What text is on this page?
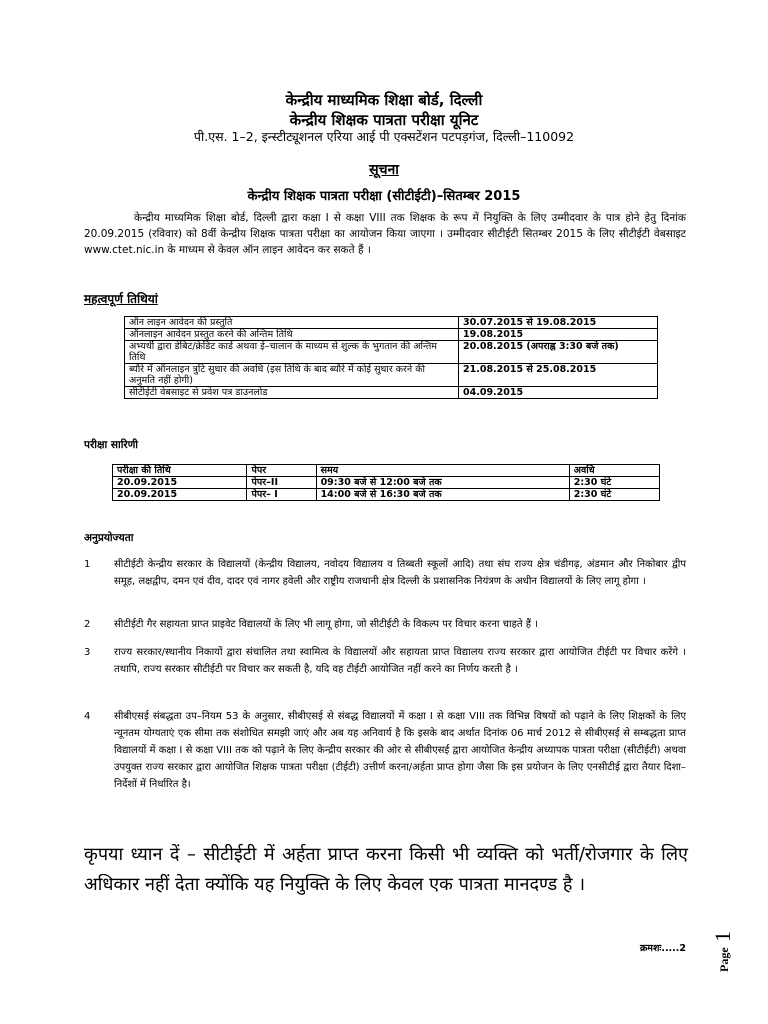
केन्द्रीय माध्यमिक शिक्षा बोर्ड, दिल्ली
केन्द्रीय शिक्षक पात्रता परीक्षा यूनिट
पी.एस. 1–2, इन्स्टीट्यूशनल एरिया आई पी एक्सटेंशन पटपड़गंज, दिल्ली–110092
सूचना
केन्द्रीय शिक्षक पात्रता परीक्षा (सीटीईटी)–सितम्बर 2015
केन्द्रीय माध्यमिक शिक्षा बोर्ड, दिल्ली द्वारा कक्षा I से कक्षा VIII तक शिक्षक के रूप में नियुक्ति के लिए उम्मीदवार के पात्र होने हेतु दिनांक 20.09.2015 (रविवार) को 8वीं केन्द्रीय शिक्षक पात्रता परीक्षा का आयोजन किया जाएगा । उम्मीदवार सीटीईटी सितम्बर 2015 के लिए सीटीईटी वेबसाइट www.ctet.nic.in के माध्यम से केवल ऑन लाइन आवेदन कर सकते हैं ।
महत्वपूर्ण तिथियां
ऑन लाइन आवेदन की प्रस्तुति	30.07.2015 से 19.08.2015
ऑनलाइन आवेदन प्रस्तुत करने की अन्तिम तिथि	19.08.2015
अभ्यर्थी द्वारा डेबिट/क्रेडिट कार्ड अथवा ई–चालान के माध्यम से शुल्क के भुगतान की अन्तिम तिथि	20.08.2015 (अपराह्न 3:30 बजे तक)
ब्यौरे में ऑनलाइन त्रुटि सुधार की अवधि (इस तिथि के बाद ब्यौरे में कोई सुधार करने की अनुमति नहीं होगी)	21.08.2015 से 25.08.2015
सीटीईटी वेबसाइट से प्रवेश पत्र डाउनलोड	04.09.2015
परीक्षा सारिणी
परीक्षा की तिथि	पेपर	समय	अवधि
20.09.2015	पेपर–II	09:30 बजे से 12:00 बजे तक	2:30 घंटे
20.09.2015	पेपर– I	14:00 बजे से 16:30 बजे तक	2:30 घंटे
अनुप्रयोज्यता
1 सीटीईटी केन्द्रीय सरकार के विद्यालयों (केन्द्रीय विद्यालय, नवोदय विद्यालय व तिब्बती स्कूलों आदि) तथा संघ राज्य क्षेत्र चंडीगढ़, अंडमान और निकोबार द्वीप समूह, लक्षद्वीप, दमन एवं दीव, दादर एवं नागर हवेली और राष्ट्रीय राजधानी क्षेत्र दिल्ली के प्रशासनिक नियंत्रण के अधीन विद्यालयों के लिए लागू होगा ।
2 सीटीईटी गैर सहायता प्राप्त प्राइवेट विद्यालयों के लिए भी लागू होगा, जो सीटीईटी के विकल्प पर विचार करना चाहते हैं ।
3 राज्य सरकार/स्थानीय निकायों द्वारा संचालित तथा स्वामित्व के विद्यालयों और सहायता प्राप्त विद्यालय राज्य सरकार द्वारा आयोजित टीईटी पर विचार करेंगे । तथापि, राज्य सरकार सीटीईटी पर विचार कर सकती है, यदि वह टीईटी आयोजित नहीं करने का निर्णय करती है ।
4 सीबीएसई संबद्धता उप–नियम 53 के अनुसार, सीबीएसई से संबद्ध विद्यालयों में कक्षा I से कक्षा VIII तक विभिन्न विषयों को पढ़ाने के लिए शिक्षकों के लिए न्यूनतम योग्यताएं एक सीमा तक संशोधित समझी जाएं और अब यह अनिवार्य है कि इसके बाद अर्थात दिनांक 06 मार्च 2012 से सीबीएसई से सम्बद्धता प्राप्त विद्यालयों में कक्षा I से कक्षा VIII तक को पढ़ाने के लिए केन्द्रीय सरकार की ओर से सीबीएसई द्वारा आयोजित केन्द्रीय अध्यापक पात्रता परीक्षा (सीटीईटी) अथवा उपयुक्त राज्य सरकार द्वारा आयोजित शिक्षक पात्रता परीक्षा (टीईटी) उत्तीर्ण करना/अर्हता प्राप्त होगा जैसा कि इस प्रयोजन के लिए एनसीटीई द्वारा तैयार दिशा–निर्देशों में निर्धारित है।
कृपया ध्यान दें – सीटीईटी में अर्हता प्राप्त करना किसी भी व्यक्ति को भर्ती/रोजगार के लिए अधिकार नहीं देता क्योंकि यह नियुक्ति के लिए केवल एक पात्रता मानदण्ड है ।
क्रमशः.....2	Page
1
